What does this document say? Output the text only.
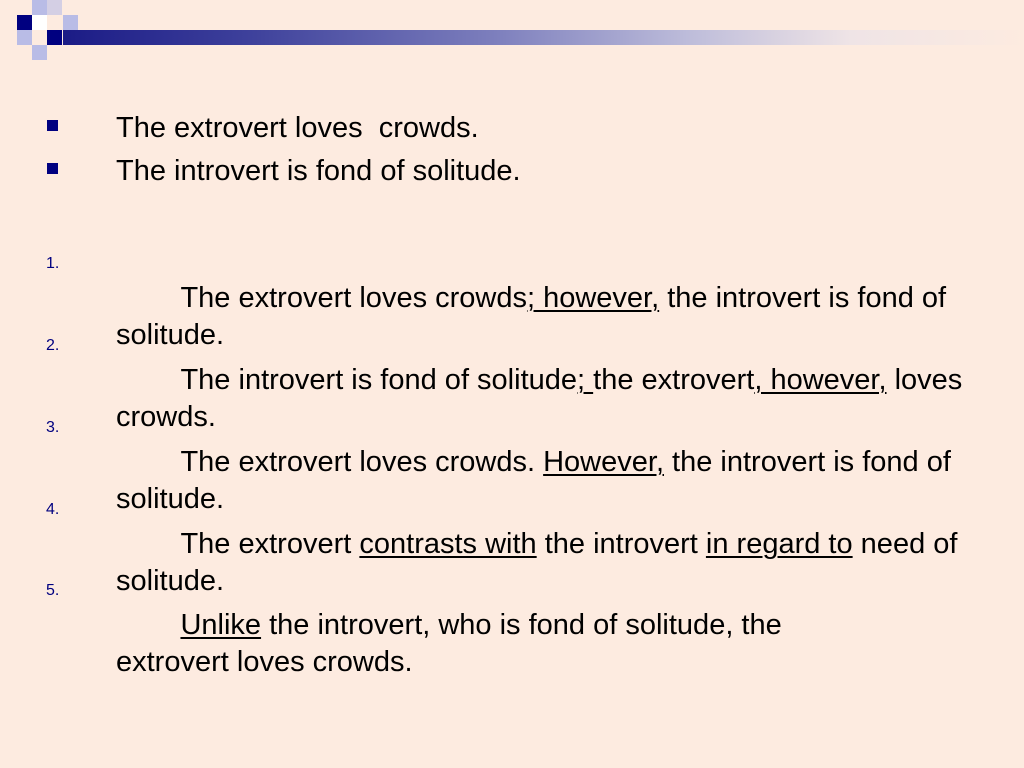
The extrovert loves  crowds.
The introvert is fond of solitude.
1.

The extrovert loves crowds; however, the introvert is fond of solitude.

2.

The introvert is fond of solitude; the extrovert, however, loves crowds.

3.

The extrovert loves crowds. However, the introvert is fond of solitude.

4.

The extrovert contrasts with the introvert in regard to need of solitude.

5.

Unlike the introvert, who is fond of solitude, the extrovert loves crowds.
